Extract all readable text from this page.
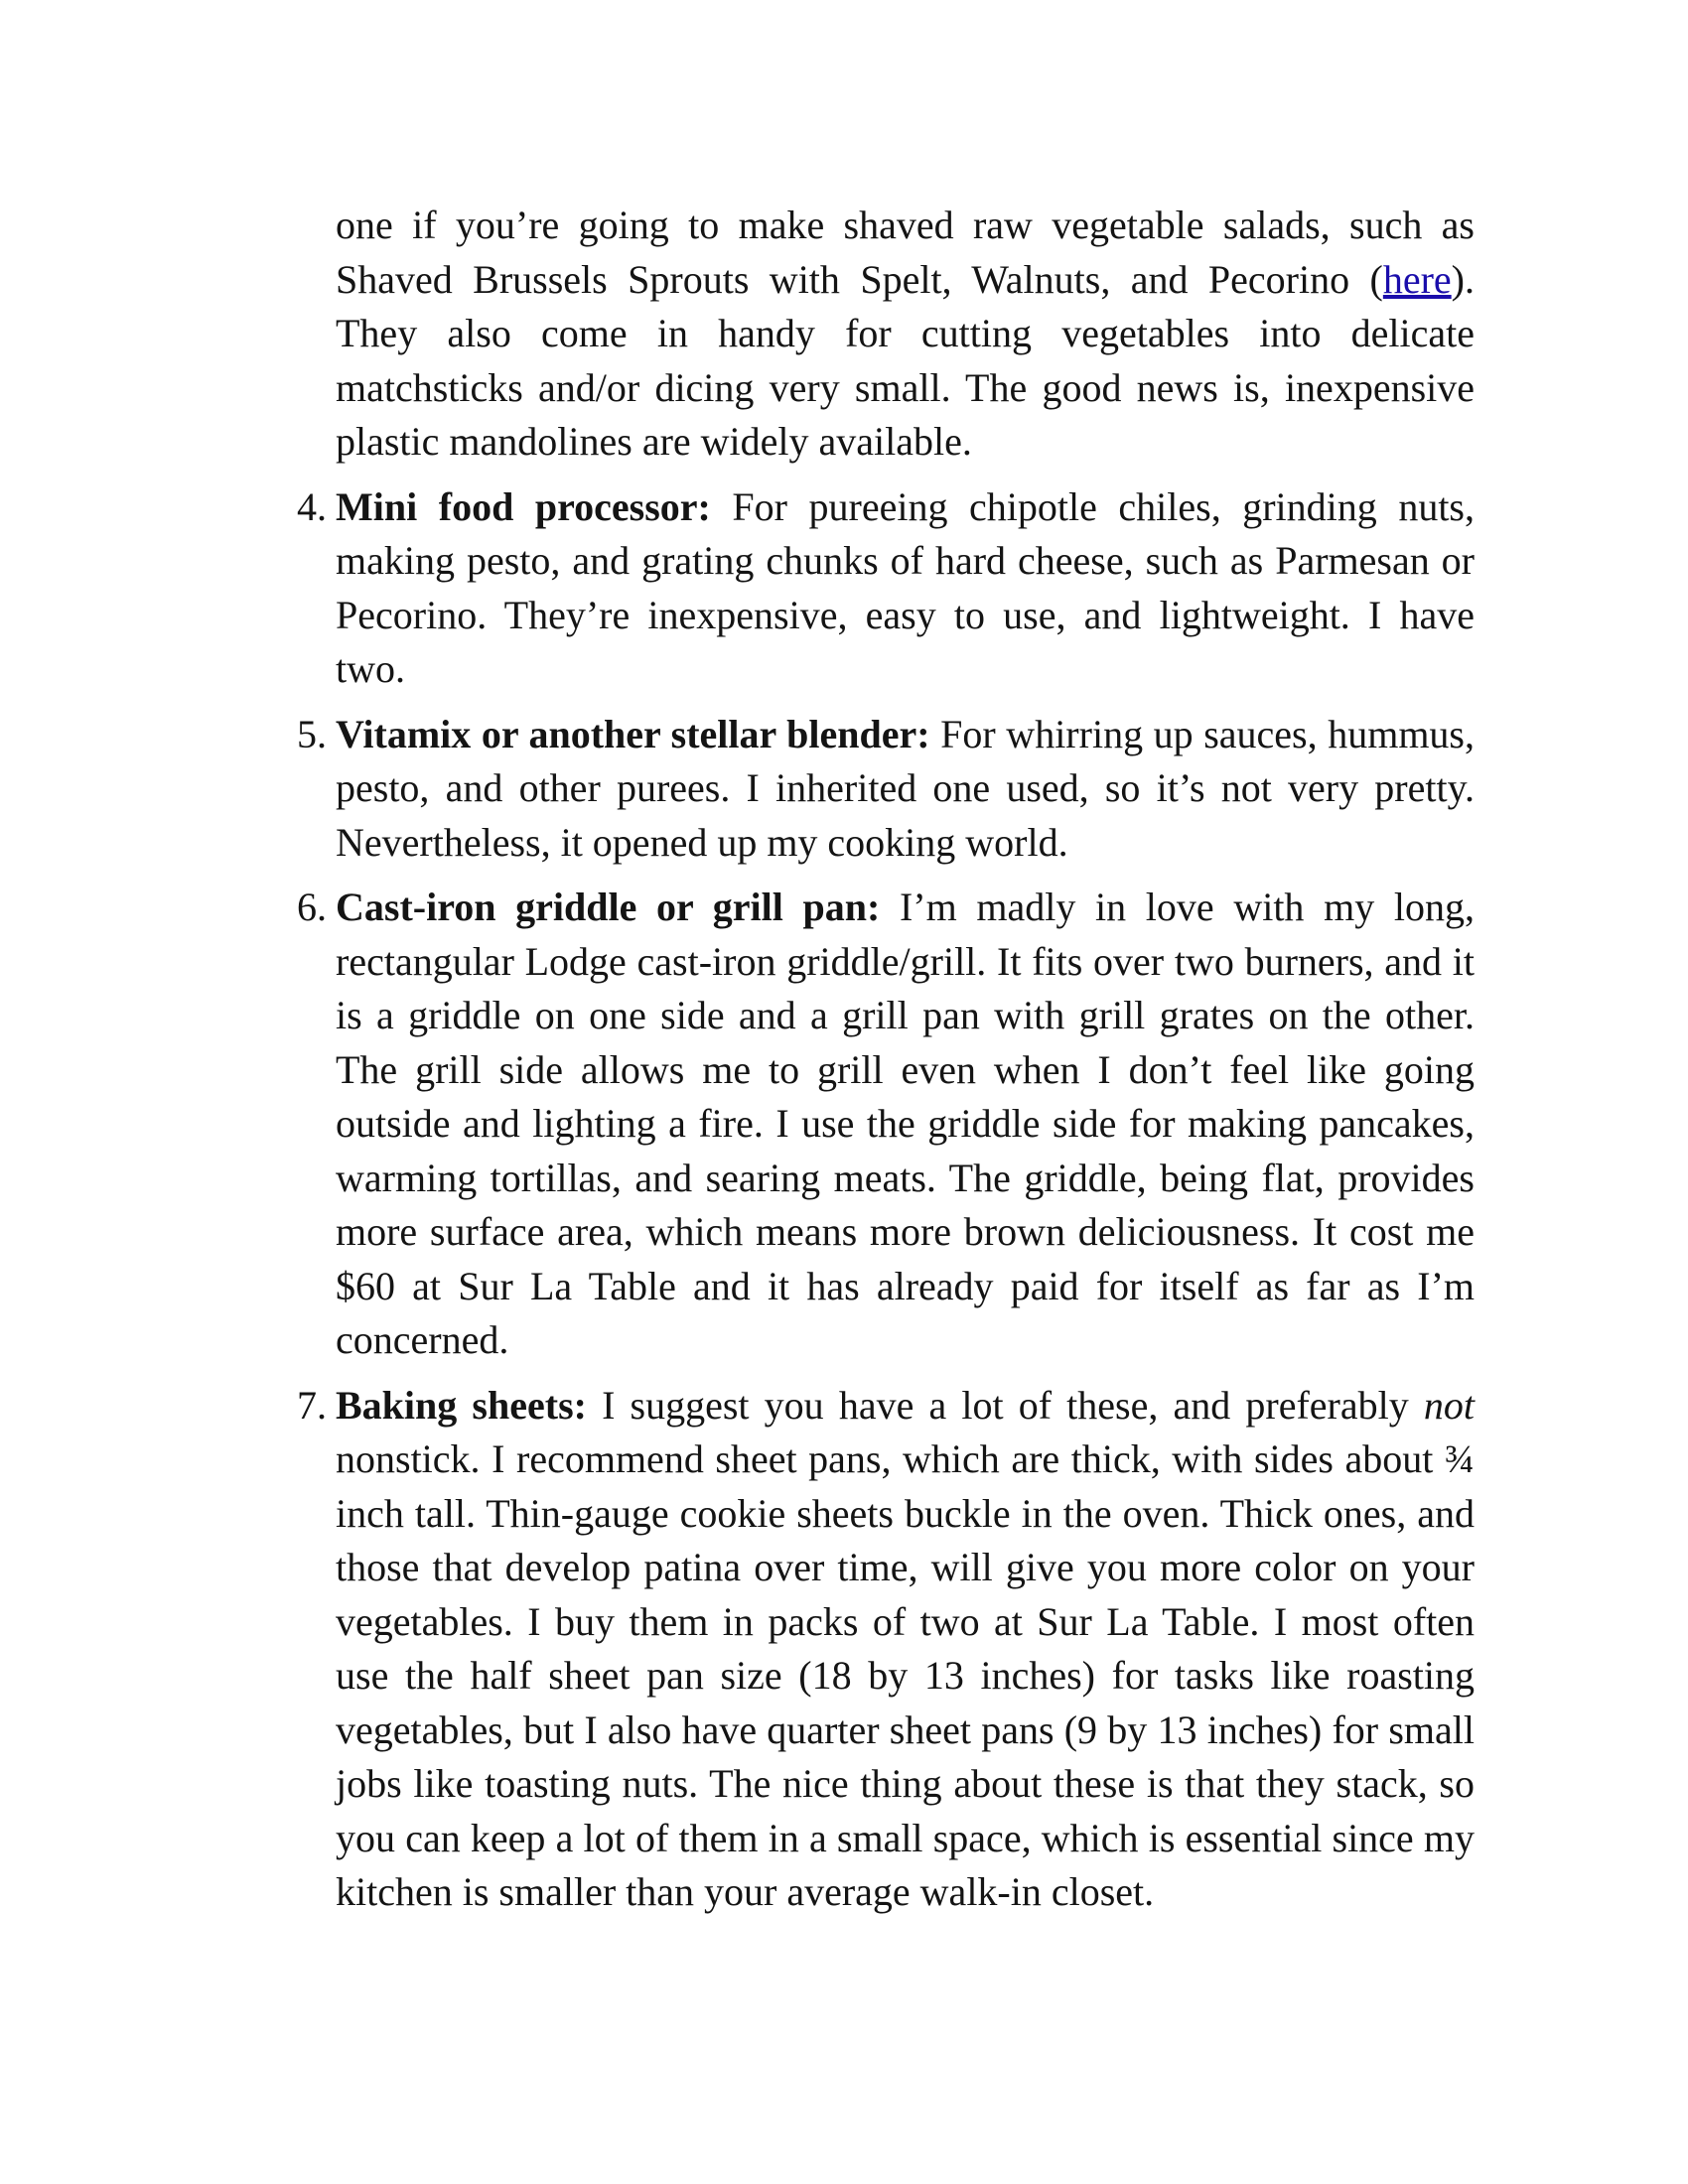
one if you’re going to make shaved raw vegetable salads, such as Shaved Brussels Sprouts with Spelt, Walnuts, and Pecorino (here). They also come in handy for cutting vegetables into delicate matchsticks and/or dicing very small. The good news is, inexpensive plastic mandolines are widely available.

4. Mini food processor: For pureeing chipotle chiles, grinding nuts, making pesto, and grating chunks of hard cheese, such as Parmesan or Pecorino. They’re inexpensive, easy to use, and lightweight. I have two.

5. Vitamix or another stellar blender: For whirring up sauces, hummus, pesto, and other purees. I inherited one used, so it’s not very pretty. Nevertheless, it opened up my cooking world.

6. Cast-iron griddle or grill pan: I’m madly in love with my long, rectangular Lodge cast-iron griddle/grill. It fits over two burners, and it is a griddle on one side and a grill pan with grill grates on the other. The grill side allows me to grill even when I don’t feel like going outside and lighting a fire. I use the griddle side for making pancakes, warming tortillas, and searing meats. The griddle, being flat, provides more surface area, which means more brown deliciousness. It cost me $60 at Sur La Table and it has already paid for itself as far as I’m concerned.

7. Baking sheets: I suggest you have a lot of these, and preferably not nonstick. I recommend sheet pans, which are thick, with sides about ¾ inch tall. Thin-gauge cookie sheets buckle in the oven. Thick ones, and those that develop patina over time, will give you more color on your vegetables. I buy them in packs of two at Sur La Table. I most often use the half sheet pan size (18 by 13 inches) for tasks like roasting vegetables, but I also have quarter sheet pans (9 by 13 inches) for small jobs like toasting nuts. The nice thing about these is that they stack, so you can keep a lot of them in a small space, which is essential since my kitchen is smaller than your average walk-in closet.
